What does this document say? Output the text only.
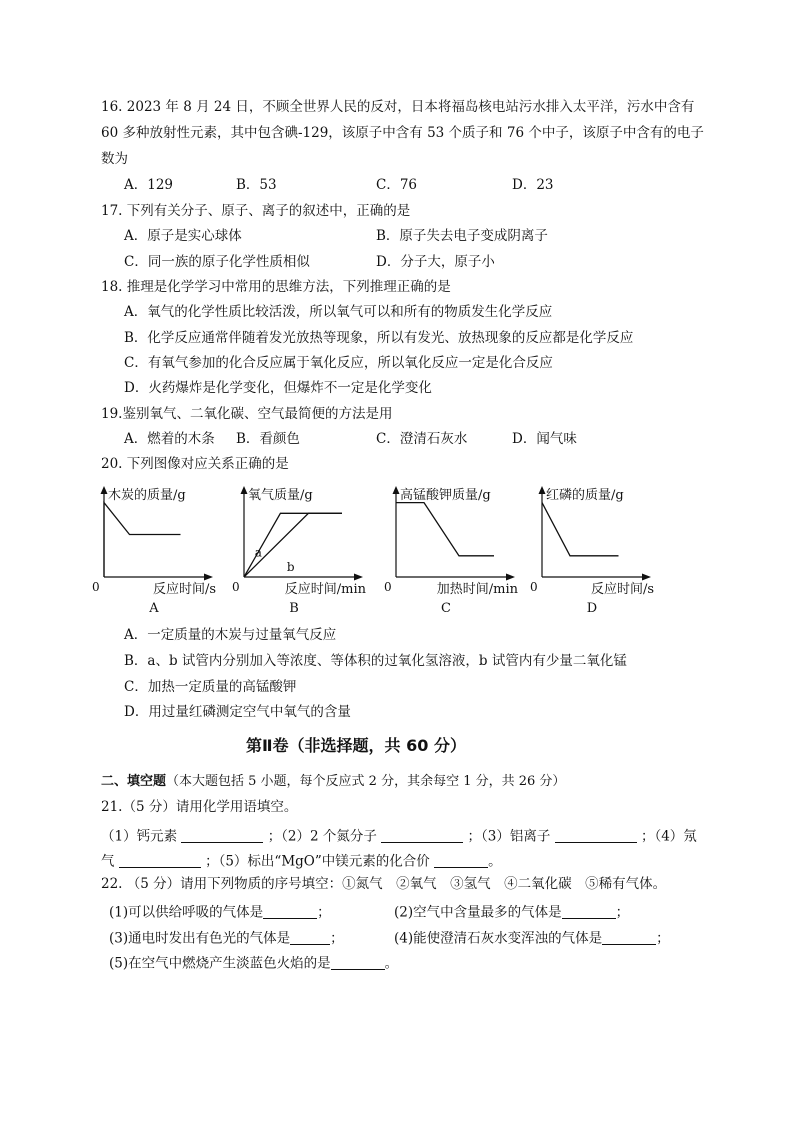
16. 2023 年 8 月 24 日，不顾全世界人民的反对，日本将福岛核电站污水排入太平洋，污水中含有
60 多种放射性元素，其中包含碘-129，该原子中含有 53 个质子和 76 个中子，该原子中含有的电子
数为
A．129	B．53	C．76	D．23
17. 下列有关分子、原子、离子的叙述中，正确的是
A．原子是实心球体	B．原子失去电子变成阴离子
C．同一族的原子化学性质相似	D．分子大，原子小
18. 推理是化学学习中常用的思维方法，下列推理正确的是
A．氧气的化学性质比较活泼，所以氧气可以和所有的物质发生化学反应
B．化学反应通常伴随着发光放热等现象，所以有发光、放热现象的反应都是化学反应
C．有氧气参加的化合反应属于氧化反应，所以氧化反应一定是化合反应
D．火药爆炸是化学变化，但爆炸不一定是化学变化
19.鉴别氧气、二氧化碳、空气最简便的方法是用
A．燃着的木条 B．看颜色	C．澄清石灰水	D．闻气味
20. 下列图像对应关系正确的是
木炭的质量/g
0	反应时间/s
A
a
b
氧气质量/g
0	反应时间/min
B
高锰酸钾质量/g
0	加热时间/min
C
红磷的质量/g
0	反应时间/s
D
A．一定质量的木炭与过量氧气反应
B．a、b 试管内分别加入等浓度、等体积的过氧化氢溶液，b 试管内有少量二氧化锰
C．加热一定质量的高锰酸钾
D．用过量红磷测定空气中氧气的含量
第Ⅱ卷（非选择题，共 60 分）
二、填空题（本大题包括 5 小题，每个反应式 2 分，其余每空 1 分，共 26 分）
21.（5 分）请用化学用语填空。
（1）钙元素	；（2）2 个氮分子	；（3）铝离子	；（4）氖
气	；（5）标出“MgO”中镁元素的化合价	。
22. （5 分）请用下列物质的序号填空：①氮气　②氧气　③氢气　④二氧化碳　⑤稀有气体。
(1)可以供给呼吸的气体是	；	(2)空气中含量最多的气体是	；
(3)通电时发出有色光的气体是	；	(4)能使澄清石灰水变浑浊的气体是	；
(5)在空气中燃烧产生淡蓝色火焰的是	。
